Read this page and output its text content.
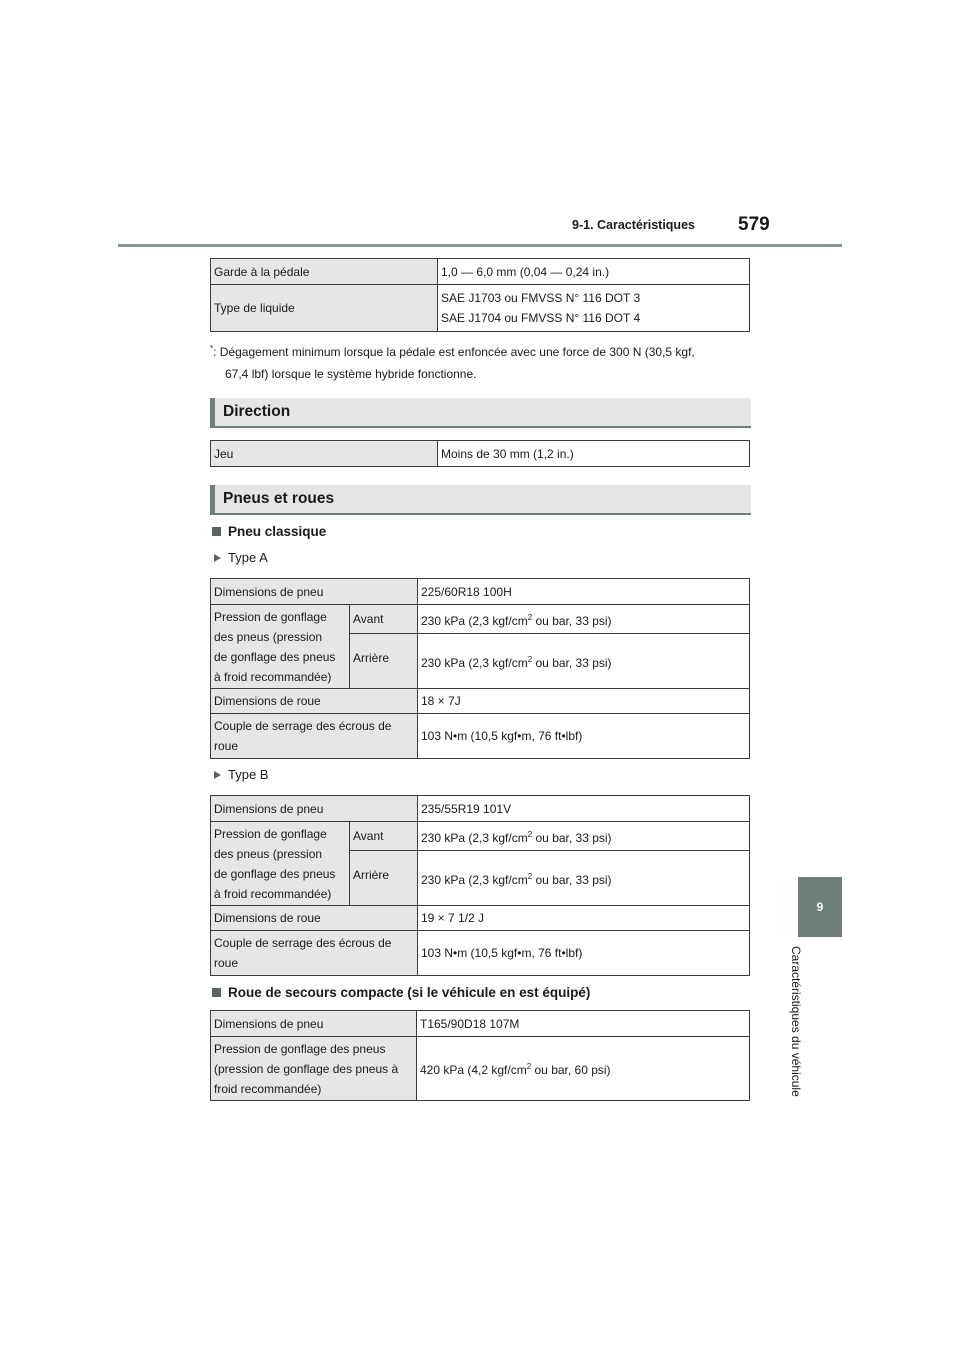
9-1. Caractéristiques 579
9
Caractéristiques du véhicule
Garde à la pédale	1,0 — 6,0 mm (0,04 — 0,24 in.)
Type de liquide	SAE J1703 ou FMVSS N° 116 DOT 3
SAE J1704 ou FMVSS N° 116 DOT 4
*: Dégagement minimum lorsque la pédale est enfoncée avec une force de 300 N (30,5 kgf,
67,4 lbf) lorsque le système hybride fonctionne.
Direction
Jeu	Moins de 30 mm (1,2 in.)
Pneus et roues
Pneu classique
Type A
Dimensions de pneu		225/60R18 100H

Pression de gonflage
des pneus (pression
de gonflage des pneus
à froid recommandée)	Avant	230 kPa (2,3 kgf/$cm^2$ ou bar, 33 psi)
	Arrière	230 kPa (2,3 kgf/$cm^2$ ou bar, 33 psi)
Dimensions de roue		18 × 7J

Couple de serrage des écrous de
roue		103 N•m (10,5 kgf•m, 76 ft•lbf)
Type B
Dimensions de pneu		235/55R19 101V

Pression de gonflage
des pneus (pression
de gonflage des pneus
à froid recommandée)	Avant	230 kPa (2,3 kgf/$cm^2$ ou bar, 33 psi)
	Arrière	230 kPa (2,3 kgf/$cm^2$ ou bar, 33 psi)
Dimensions de roue		19 × 7 1/2 J

Couple de serrage des écrous de
roue		103 N•m (10,5 kgf•m, 76 ft•lbf)
Roue de secours compacte (si le véhicule en est équipé)
Dimensions de pneu	T165/90D18 107M

Pression de gonflage des pneus
(pression de gonflage des pneus à
froid recommandée)	420 kPa (4,2 kgf/$cm^2$ ou bar, 60 psi)
